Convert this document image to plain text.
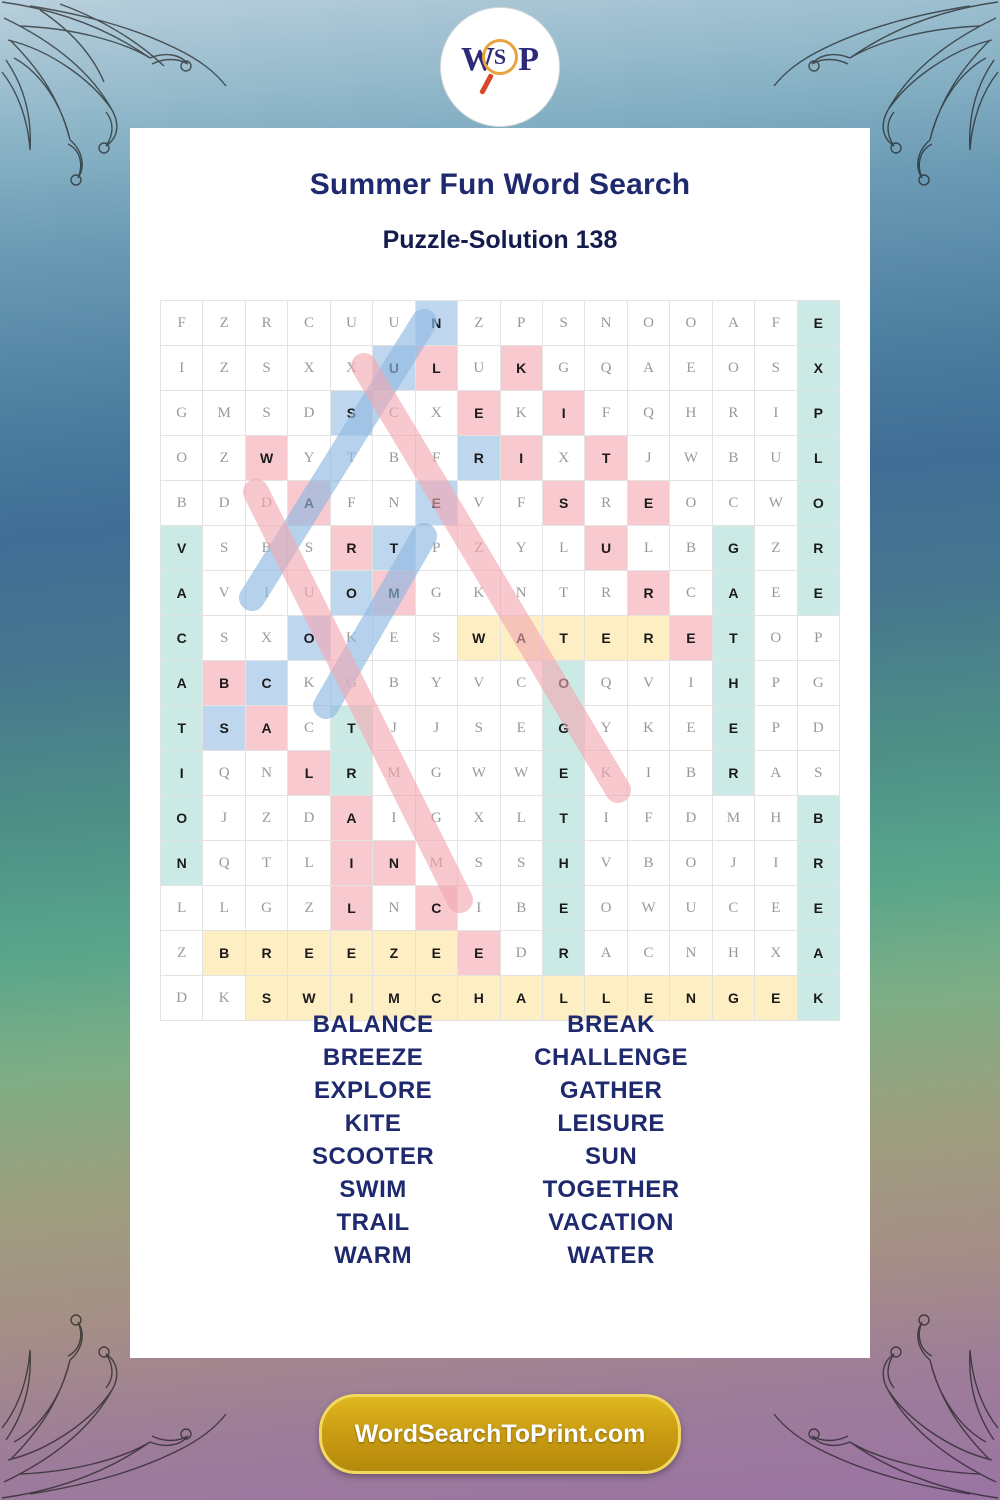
W
S P
Summer Fun Word Search
Puzzle-Solution 138
F	Z	R	C	U	U	N	Z	P	S	N	O	O	A	F	E
I	Z	S	X	X	U	L	U	K	G	Q	A	E	O	S	X
G	M	S	D	S	C	X	E	K	I	F	Q	H	R	I	P
O	Z	W	Y	T	B	F	R	I	X	T	J	W	B	U	L
B	D	D	A	F	N	E	V	F	S	R	E	O	C	W	O
V	S	B	S	R	T	P	Z	Y	L	U	L	B	G	Z	R
A	V	I	U	O	M	G	K	N	T	R	R	C	A	E	E
C	S	X	O	K	E	S	W	A	T	E	R	E	T	O	P
A	B	C	K	G	B	Y	V	C	O	Q	V	I	H	P	G
T	S	A	C	T	J	J	S	E	G	Y	K	E	E	P	D
I	Q	N	L	R	M	G	W	W	E	K	I	B	R	A	S
O	J	Z	D	A	I	G	X	L	T	I	F	D	M	H	B
N	Q	T	L	I	N	M	S	S	H	V	B	O	J	I	R
L	L	G	Z	L	N	C	I	B	E	O	W	U	C	E	E
Z	B	R	E	E	Z	E	E	D	R	A	C	N	H	X	A
D	K	S	W	I	M	C	H	A	L	L	E	N	G	E	K
BALANCE
BREEZE
EXPLORE
KITE
SCOOTER
SWIM
TRAIL
WARM
BREAK
CHALLENGE
GATHER
LEISURE
SUN
TOGETHER
VACATION
WATER
WordSearchToPrint.com
